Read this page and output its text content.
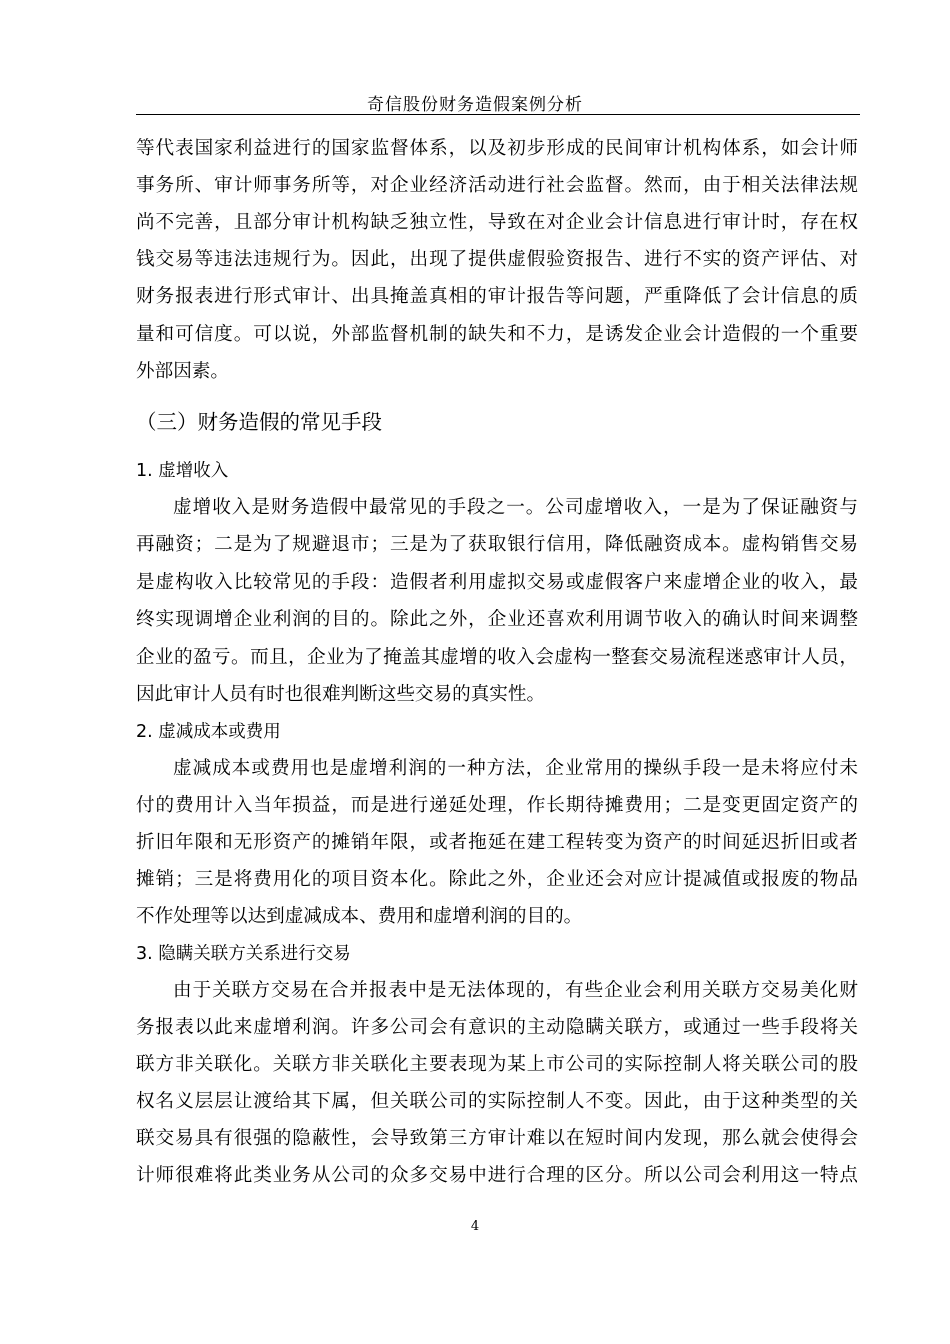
奇信股份财务造假案例分析
等代表国家利益进行的国家监督体系，以及初步形成的民间审计机构体系，如会计师
事务所、审计师事务所等，对企业经济活动进行社会监督。然而，由于相关法律法规
尚不完善，且部分审计机构缺乏独立性，导致在对企业会计信息进行审计时，存在权
钱交易等违法违规行为。因此，出现了提供虚假验资报告、进行不实的资产评估、对
财务报表进行形式审计、出具掩盖真相的审计报告等问题，严重降低了会计信息的质
量和可信度。可以说，外部监督机制的缺失和不力，是诱发企业会计造假的一个重要
外部因素。
（三）财务造假的常见手段
1. 虚增收入
虚增收入是财务造假中最常见的手段之一。公司虚增收入，一是为了保证融资与
再融资；二是为了规避退市；三是为了获取银行信用，降低融资成本。虚构销售交易
是虚构收入比较常见的手段：造假者利用虚拟交易或虚假客户来虚增企业的收入，最
终实现调增企业利润的目的。除此之外，企业还喜欢利用调节收入的确认时间来调整
企业的盈亏。而且，企业为了掩盖其虚增的收入会虚构一整套交易流程迷惑审计人员，
因此审计人员有时也很难判断这些交易的真实性。
2. 虚减成本或费用
虚减成本或费用也是虚增利润的一种方法，企业常用的操纵手段一是未将应付未
付的费用计入当年损益，而是进行递延处理，作长期待摊费用；二是变更固定资产的
折旧年限和无形资产的摊销年限，或者拖延在建工程转变为资产的时间延迟折旧或者
摊销；三是将费用化的项目资本化。除此之外，企业还会对应计提减值或报废的物品
不作处理等以达到虚减成本、费用和虚增利润的目的。
3. 隐瞒关联方关系进行交易
由于关联方交易在合并报表中是无法体现的，有些企业会利用关联方交易美化财
务报表以此来虚增利润。许多公司会有意识的主动隐瞒关联方，或通过一些手段将关
联方非关联化。关联方非关联化主要表现为某上市公司的实际控制人将关联公司的股
权名义层层让渡给其下属，但关联公司的实际控制人不变。因此，由于这种类型的关
联交易具有很强的隐蔽性，会导致第三方审计难以在短时间内发现，那么就会使得会
计师很难将此类业务从公司的众多交易中进行合理的区分。所以公司会利用这一特点
4
